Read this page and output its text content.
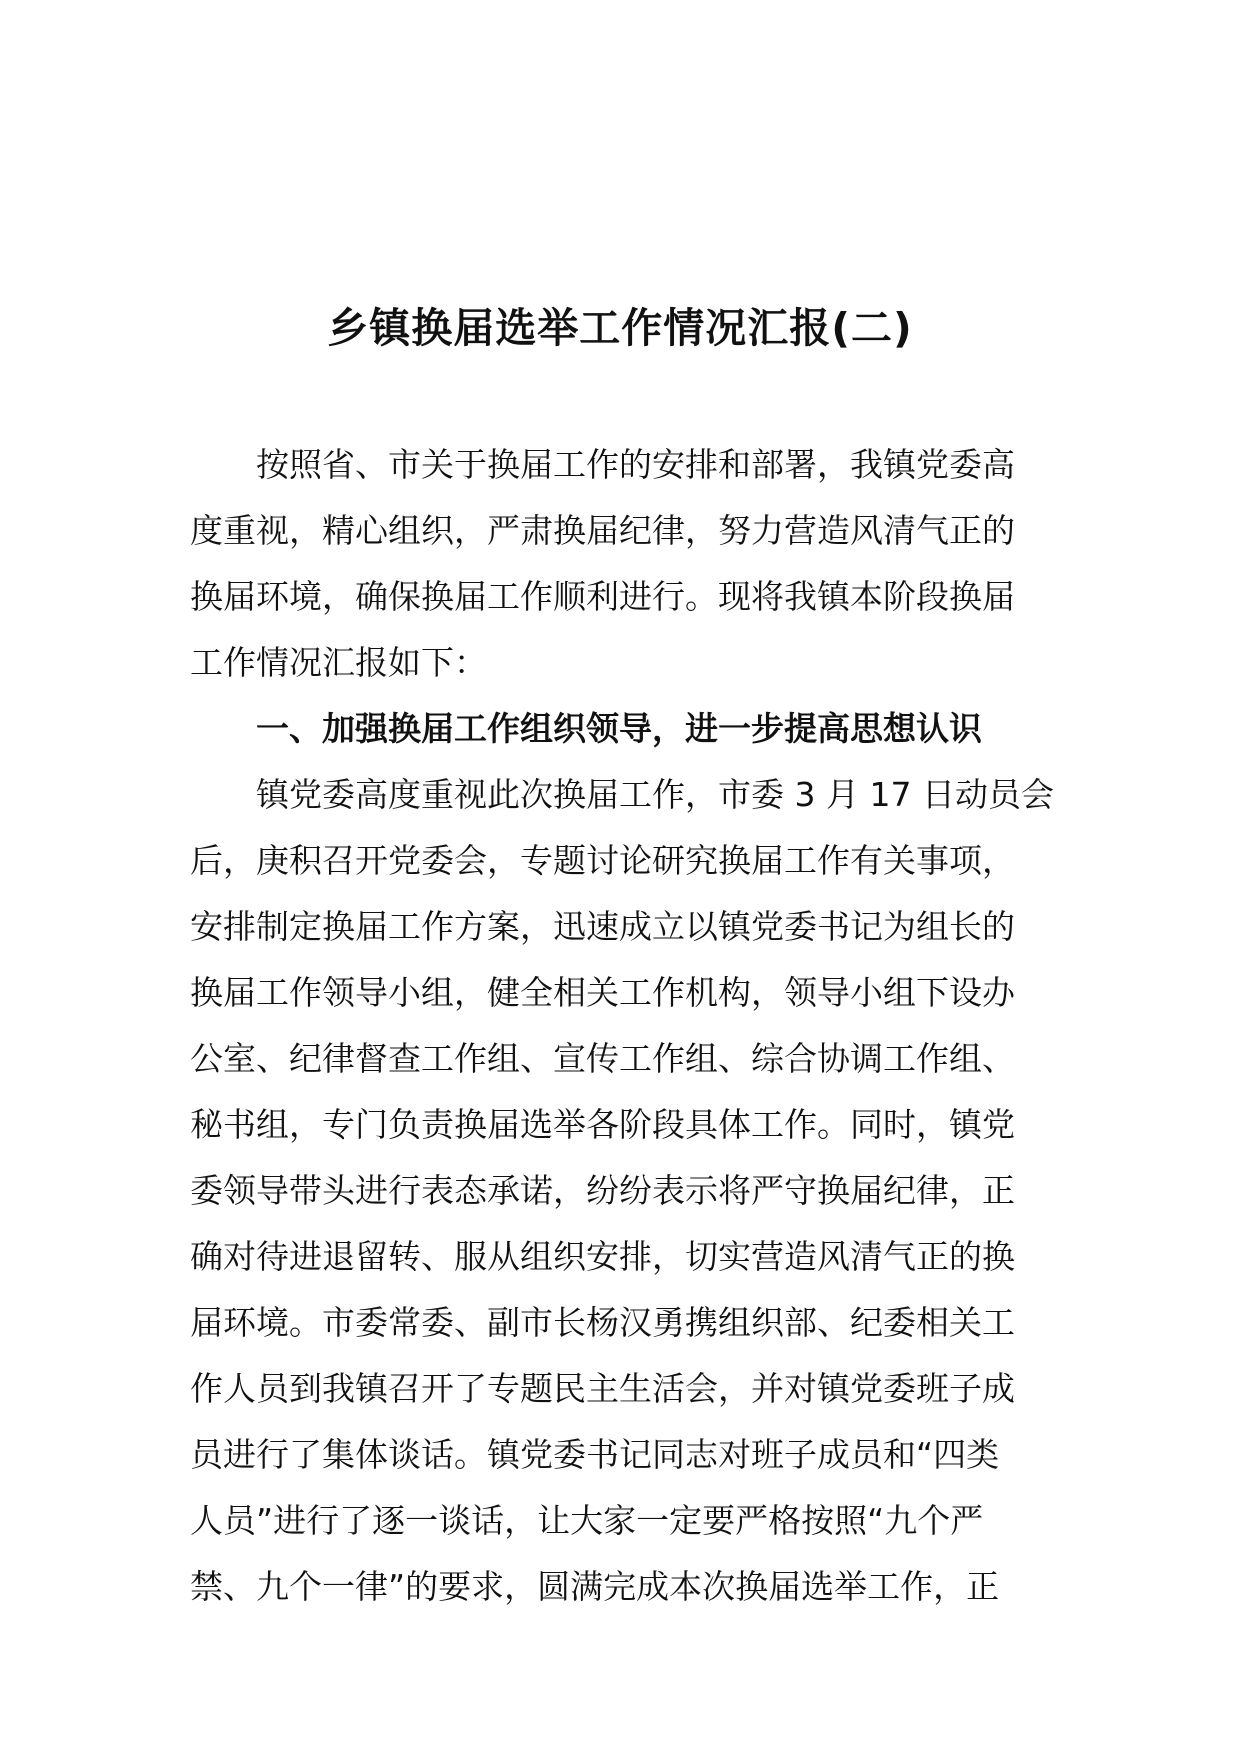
乡镇换届选举工作情况汇报(二)
按照省、市关于换届工作的安排和部署，我镇党委高
度重视，精心组织，严肃换届纪律，努力营造风清气正的
换届环境，确保换届工作顺利进行。现将我镇本阶段换届
工作情况汇报如下：
一、加强换届工作组织领导，进一步提高思想认识
镇党委高度重视此次换届工作，市委 3 月 17 日动员会
后，庚积召开党委会，专题讨论研究换届工作有关事项，
安排制定换届工作方案，迅速成立以镇党委书记为组长的
换届工作领导小组，健全相关工作机构，领导小组下设办
公室、纪律督查工作组、宣传工作组、综合协调工作组、
秘书组，专门负责换届选举各阶段具体工作。同时，镇党
委领导带头进行表态承诺，纷纷表示将严守换届纪律，正
确对待进退留转、服从组织安排，切实营造风清气正的换
届环境。市委常委、副市长杨汉勇携组织部、纪委相关工
作人员到我镇召开了专题民主生活会，并对镇党委班子成
员进行了集体谈话。镇党委书记同志对班子成员和“四类
人员”进行了逐一谈话，让大家一定要严格按照“九个严
禁、九个一律”的要求，圆满完成本次换届选举工作，正
